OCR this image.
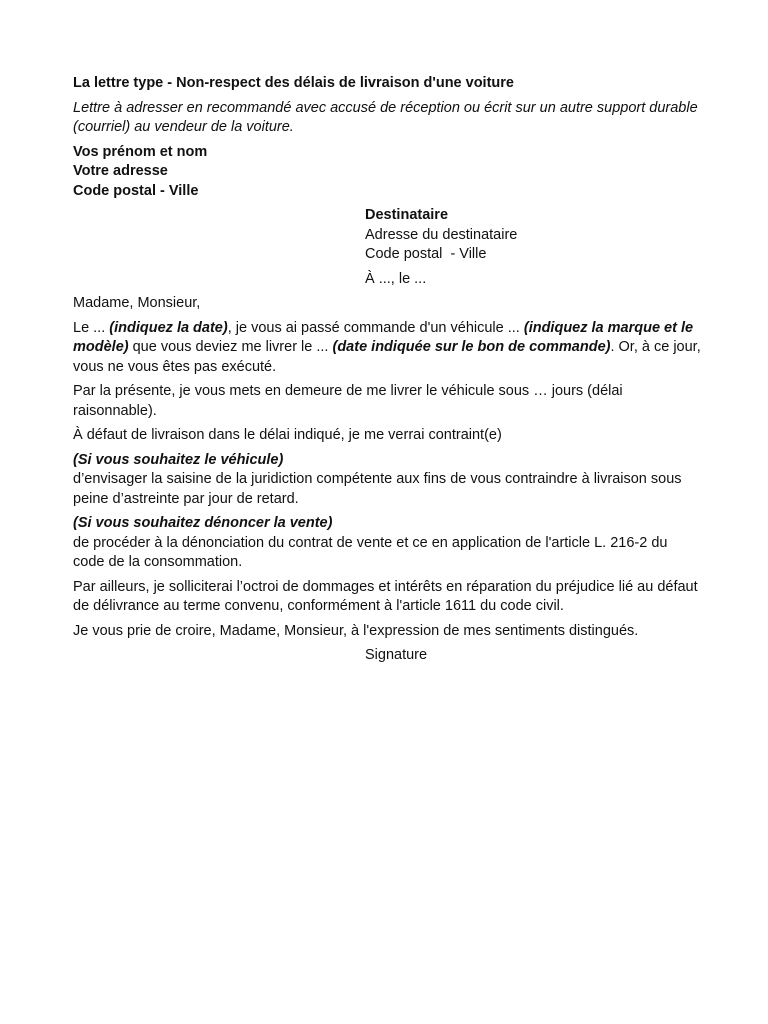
La lettre type - Non-respect des délais de livraison d'une voiture
Lettre à adresser en recommandé avec accusé de réception ou écrit sur un autre support durable (courriel) au vendeur de la voiture.
Vos prénom et nom
Votre adresse
Code postal - Ville
Destinataire
Adresse du destinataire
Code postal  - Ville
À ..., le ...

Madame, Monsieur,

Le ... (indiquez la date), je vous ai passé commande d'un véhicule ... (indiquez la marque et le modèle) que vous deviez me livrer le ... (date indiquée sur le bon de commande). Or, à ce jour, vous ne vous êtes pas exécuté.

Par la présente, je vous mets en demeure de me livrer le véhicule sous … jours (délai raisonnable).

À défaut de livraison dans le délai indiqué, je me verrai contraint(e)

(Si vous souhaitez le véhicule)
d’envisager la saisine de la juridiction compétente aux fins de vous contraindre à livraison sous peine d’astreinte par jour de retard.

(Si vous souhaitez dénoncer la vente)
de procéder à la dénonciation du contrat de vente et ce en application de l'article L. 216-2 du code de la consommation.

Par ailleurs, je solliciterai l’octroi de dommages et intérêts en réparation du préjudice lié au défaut de délivrance au terme convenu, conformément à l'article 1611 du code civil.

Je vous prie de croire, Madame, Monsieur, à l'expression de mes sentiments distingués.

Signature
